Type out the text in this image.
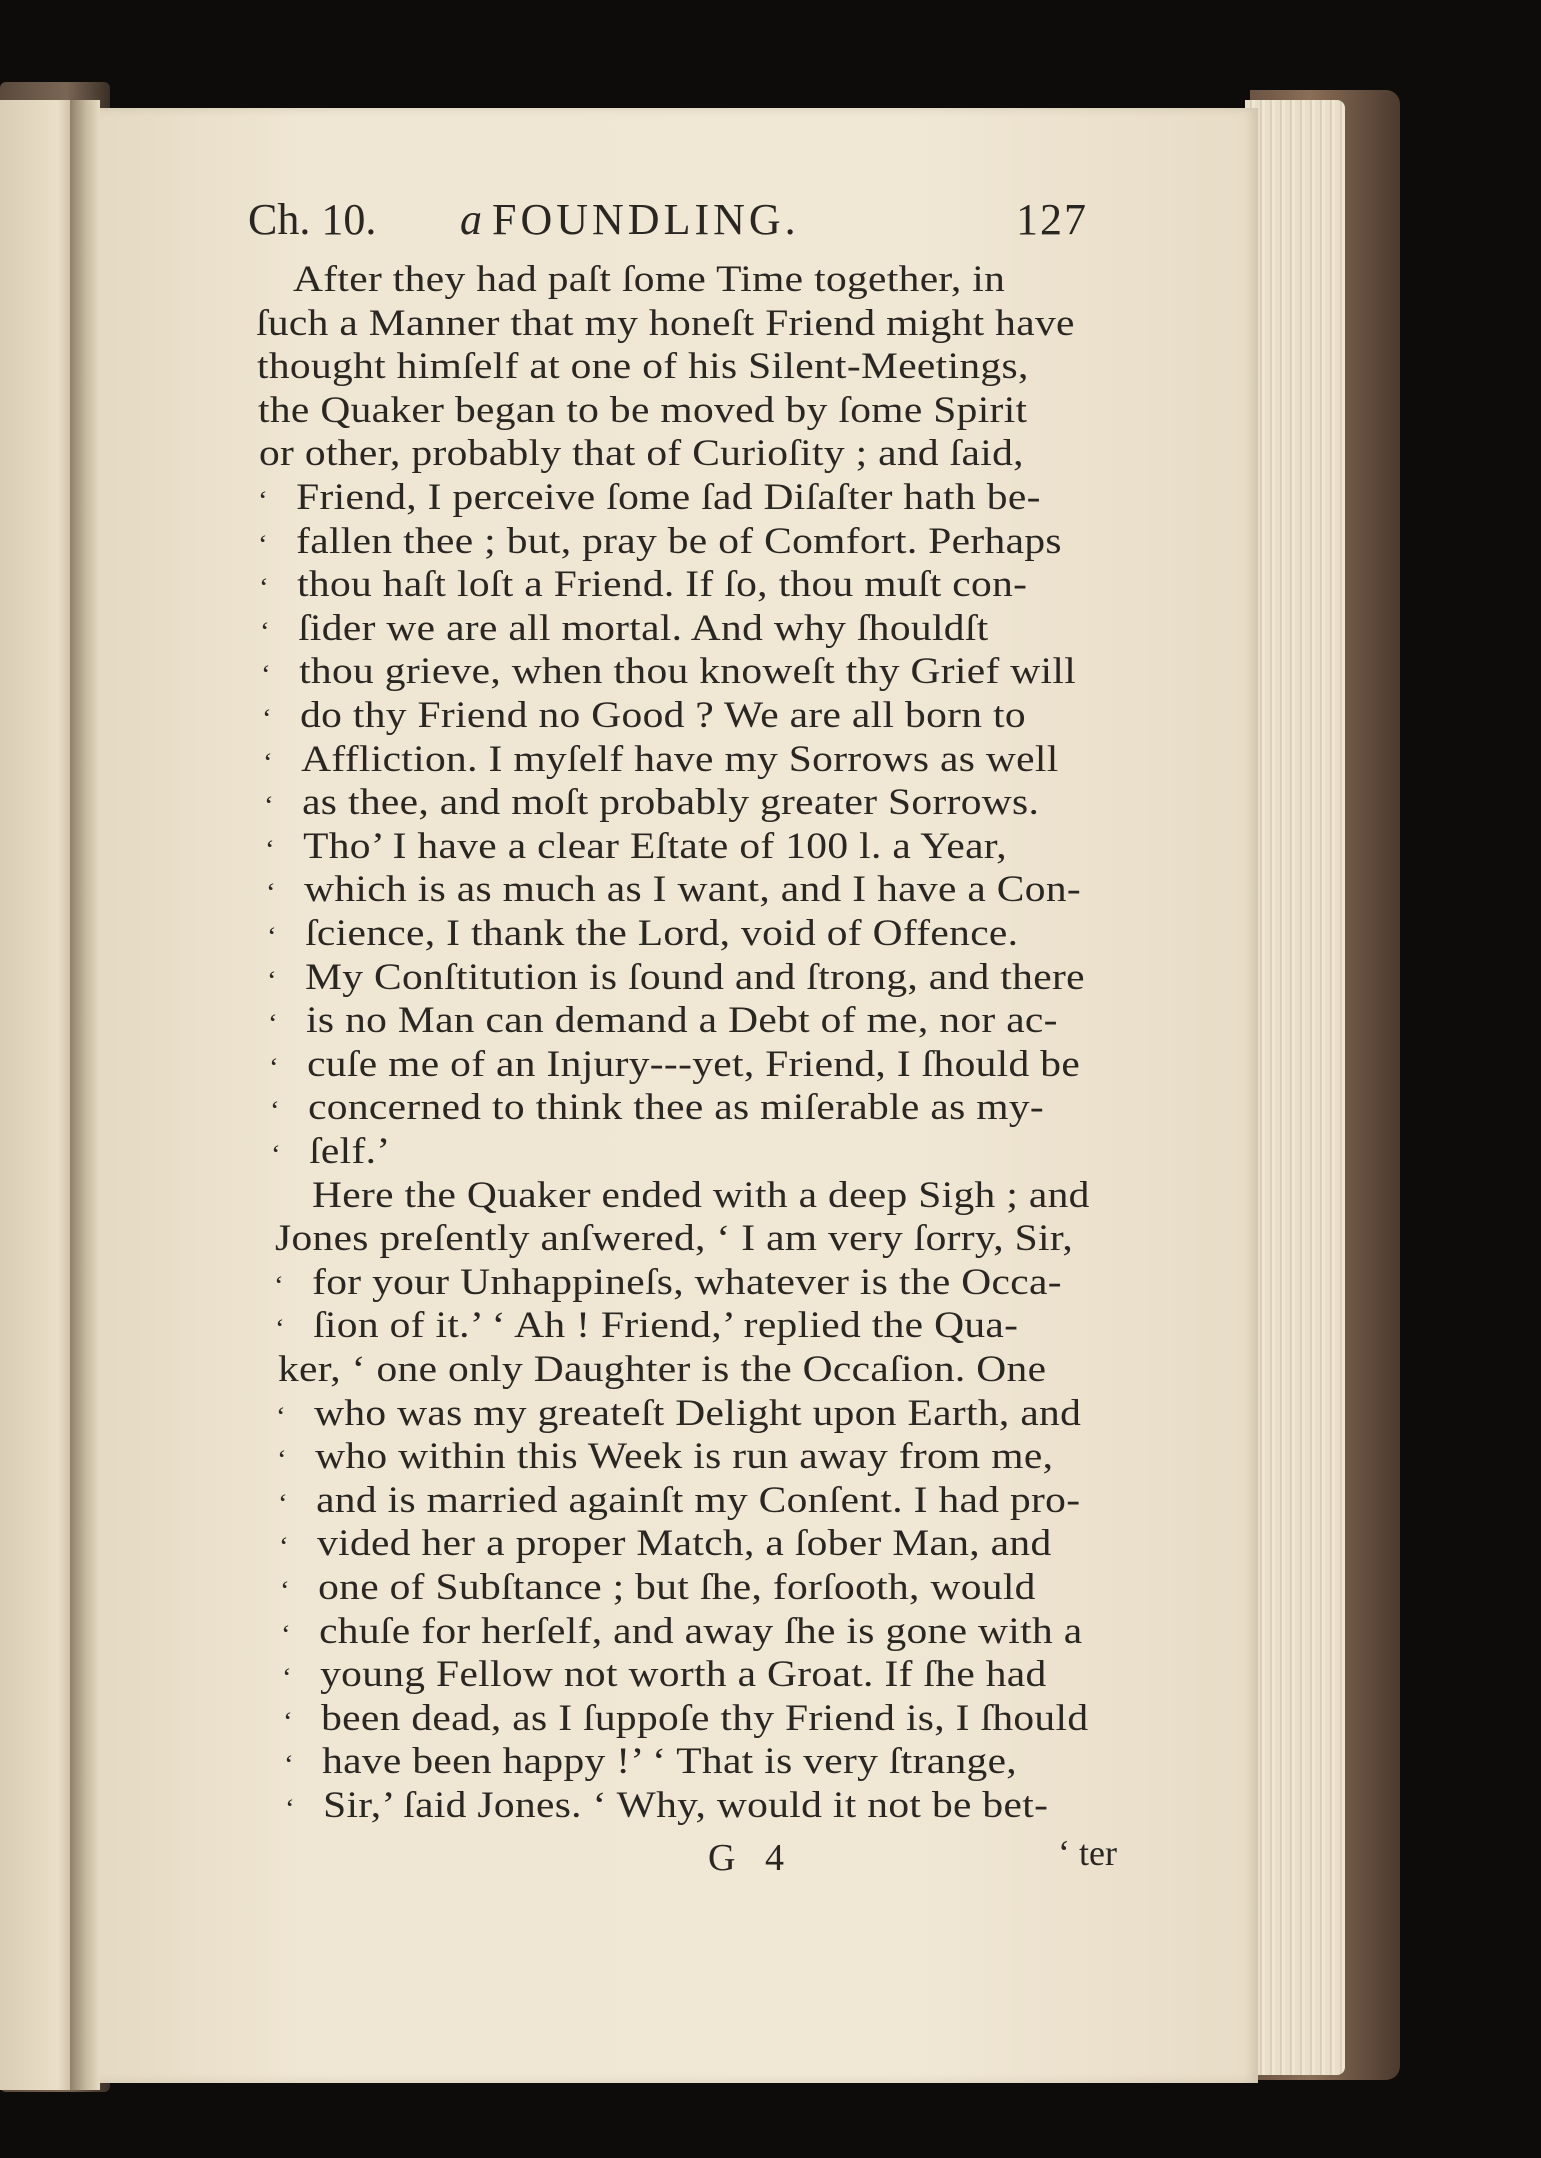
Ch. 10. a FOUNDLING.	127
After they had paſt ſome Time together, in
ſuch a Manner that my honeſt Friend might have
thought himſelf at one of his Silent-Meetings,
the Quaker began to be moved by ſome Spirit
or other, probably that of Curioſity ; and ſaid,
‘ Friend, I perceive ſome ſad Diſaſter hath be-
‘ fallen thee ; but, pray be of Comfort. Perhaps
‘ thou haſt loſt a Friend. If ſo, thou muſt con-
‘ ſider we are all mortal. And why ſhouldſt
‘ thou grieve, when thou knoweſt thy Grief will
‘ do thy Friend no Good ? We are all born to
‘ Affliction. I myſelf have my Sorrows as well
‘ as thee, and moſt probably greater Sorrows.
‘ Tho’ I have a clear Eſtate of 100 l. a Year,
‘ which is as much as I want, and I have a Con-
‘ ſcience, I thank the Lord, void of Offence.
‘ My Conſtitution is ſound and ſtrong, and there
‘ is no Man can demand a Debt of me, nor ac-
‘ cuſe me of an Injury---yet, Friend, I ſhould be
‘ concerned to think thee as miſerable as my-
‘ ſelf.’
Here the Quaker ended with a deep Sigh ; and
Jones preſently anſwered, ‘ I am very ſorry, Sir,
‘ for your Unhappineſs, whatever is the Occa-
‘ ſion of it.’ ‘ Ah ! Friend,’ replied the Qua-
ker, ‘ one only Daughter is the Occaſion. One
‘ who was my greateſt Delight upon Earth, and
‘ who within this Week is run away from me,
‘ and is married againſt my Conſent. I had pro-
‘ vided her a proper Match, a ſober Man, and
‘ one of Subſtance ; but ſhe, forſooth, would
‘ chuſe for herſelf, and away ſhe is gone with a
‘ young Fellow not worth a Groat. If ſhe had
‘ been dead, as I ſuppoſe thy Friend is, I ſhould
‘ have been happy !’ ‘ That is very ſtrange,
‘ Sir,’ ſaid Jones. ‘ Why, would it not be bet-
G 4	‘ ter
